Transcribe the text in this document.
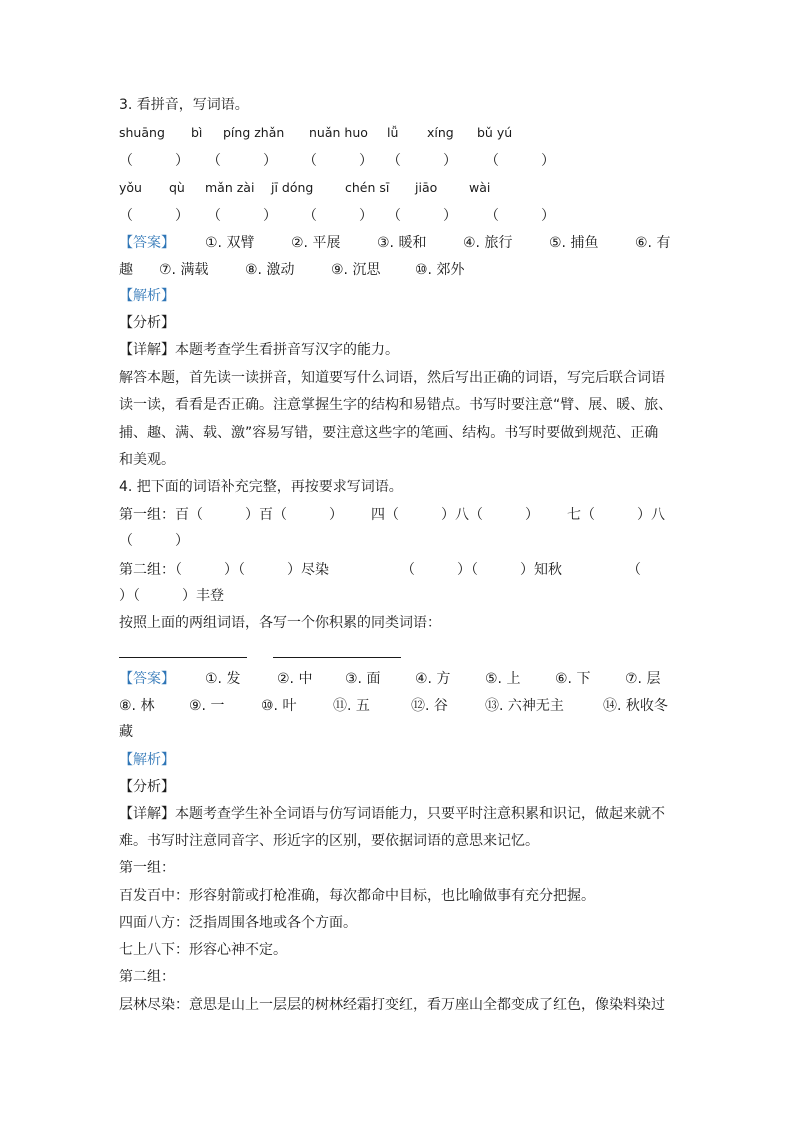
3. 看拼音，写词语。
shuāng bì píng zhǎn nuǎn huo lǚ xíng bǔ yú
（　　　） （　　　） （　　　） （　　　） （　　　）
yǒu qù mǎn zài jī dóng	chén sī jiāo	wài
（　　　） （　　　） （　　　） （　　　） （　　　）
【答案】 ①. 双臂	②. 平展	③. 暖和	④. 旅行	⑤. 捕鱼	⑥. 有
趣 ⑦. 满载	⑧. 激动	⑨. 沉思 ⑩. 郊外
【解析】
【分析】
【详解】本题考查学生看拼音写汉字的能力。
解答本题，首先读一读拼音，知道要写什么词语，然后写出正确的词语，写完后联合词语
读一读，看看是否正确。注意掌握生字的结构和易错点。书写时要注意“臂、展、暖、旅、
捕、趣、满、载、激”容易写错，要注意这些字的笔画、结构。书写时要做到规范、正确
和美观。
4. 把下面的词语补充完整，再按要求写词语。
第一组：百（　　　）百（　　　） 四（　　　）八（　　　） 七（　　　）八
（　　　）
第二组：（　　　）（　　　）尽染	（　　　）（　　　）知秋	（
）（　　　）丰登
按照上面的两组词语，各写一个你积累的同类词语：
【答案】 ①. 发	②. 中 ③. 面 ④. 方 ⑤. 上 ⑥. 下 ⑦. 层
⑧. 林 ⑨. 一	⑩. 叶	⑪. 五	⑫. 谷	⑬. 六神无主	⑭. 秋收冬
藏
【解析】
【分析】
【详解】本题考查学生补全词语与仿写词语能力，只要平时注意积累和识记，做起来就不
难。书写时注意同音字、形近字的区别，要依据词语的意思来记忆。
第一组：
百发百中：形容射箭或打枪准确，每次都命中目标，也比喻做事有充分把握。
四面八方：泛指周围各地或各个方面。
七上八下：形容心神不定。
第二组：
层林尽染：意思是山上一层层的树林经霜打变红，看万座山全都变成了红色，像染料染过
